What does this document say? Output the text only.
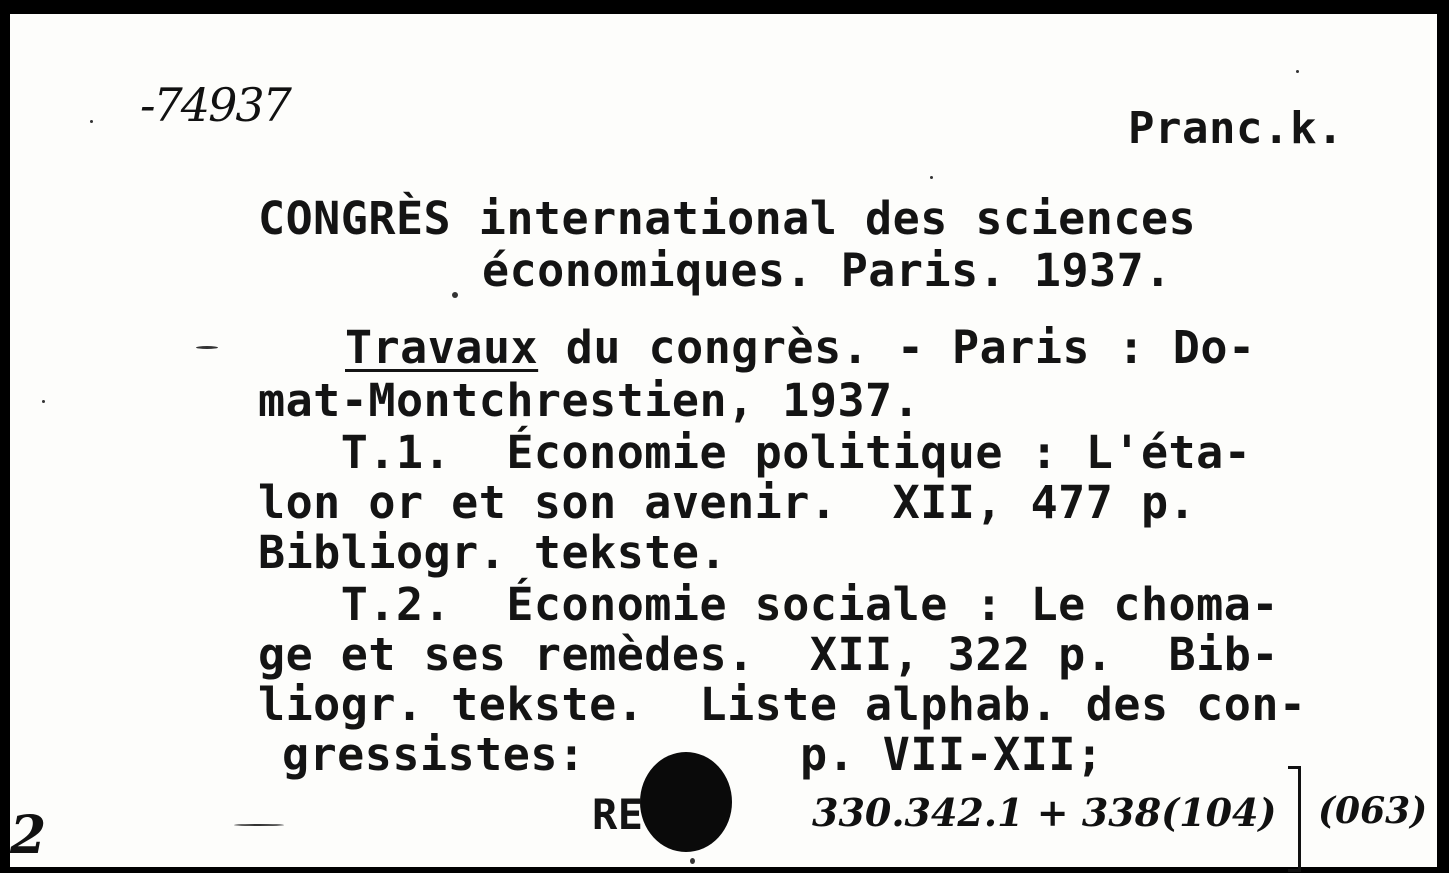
-74937	Pranc.k.
CONGRÈS international des sciences
économiques. Paris. 1937.
Travaux du congrès. - Paris : Do-
mat-Montchrestien, 1937.
T.1.  Économie politique : L'éta-
lon or et son avenir.  XII, 477 p.
Bibliogr. tekste.
T.2.  Économie sociale : Le choma-
ge et ses remèdes.  XII, 322 p.  Bib-
liogr. tekste.  Liste alphab. des con-
gressistes:	p. VII-XII;
RE	330.342.1 + 338(104) (063)
2
